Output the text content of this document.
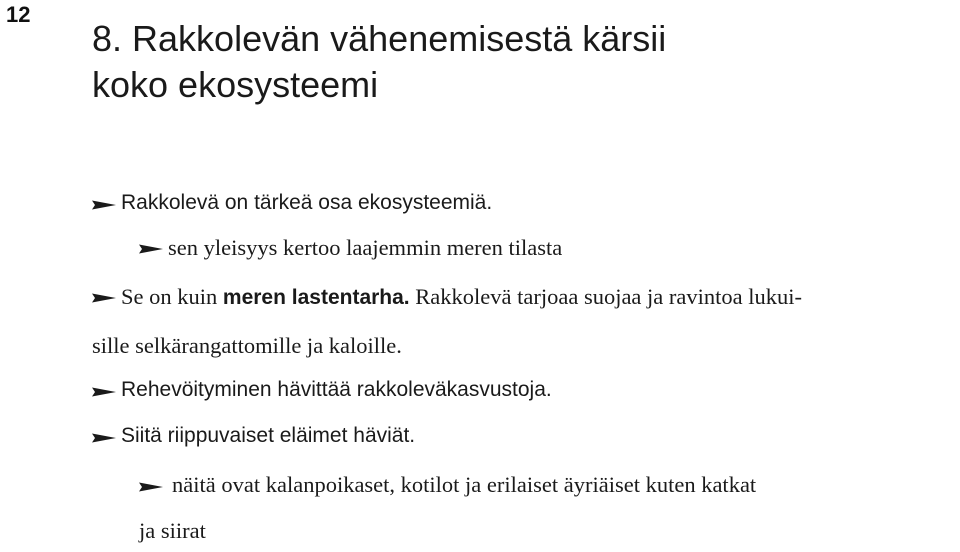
12
8. Rakkolevän vähenemisestä kärsii
koko ekosysteemi
Rakkolevä on tärkeä osa ekosysteemiä.
sen yleisyys kertoo laajemmin meren tilasta
Se on kuin meren lastentarha. Rakkolevä tarjoaa suojaa ja ravintoa lukui-
sille selkärangattomille ja kaloille.
Rehevöityminen hävittää rakkoleväkasvustoja.
Siitä riippuvaiset eläimet häviät.
näitä ovat kalanpoikaset, kotilot ja erilaiset äyriäiset kuten katkat
ja siirat
